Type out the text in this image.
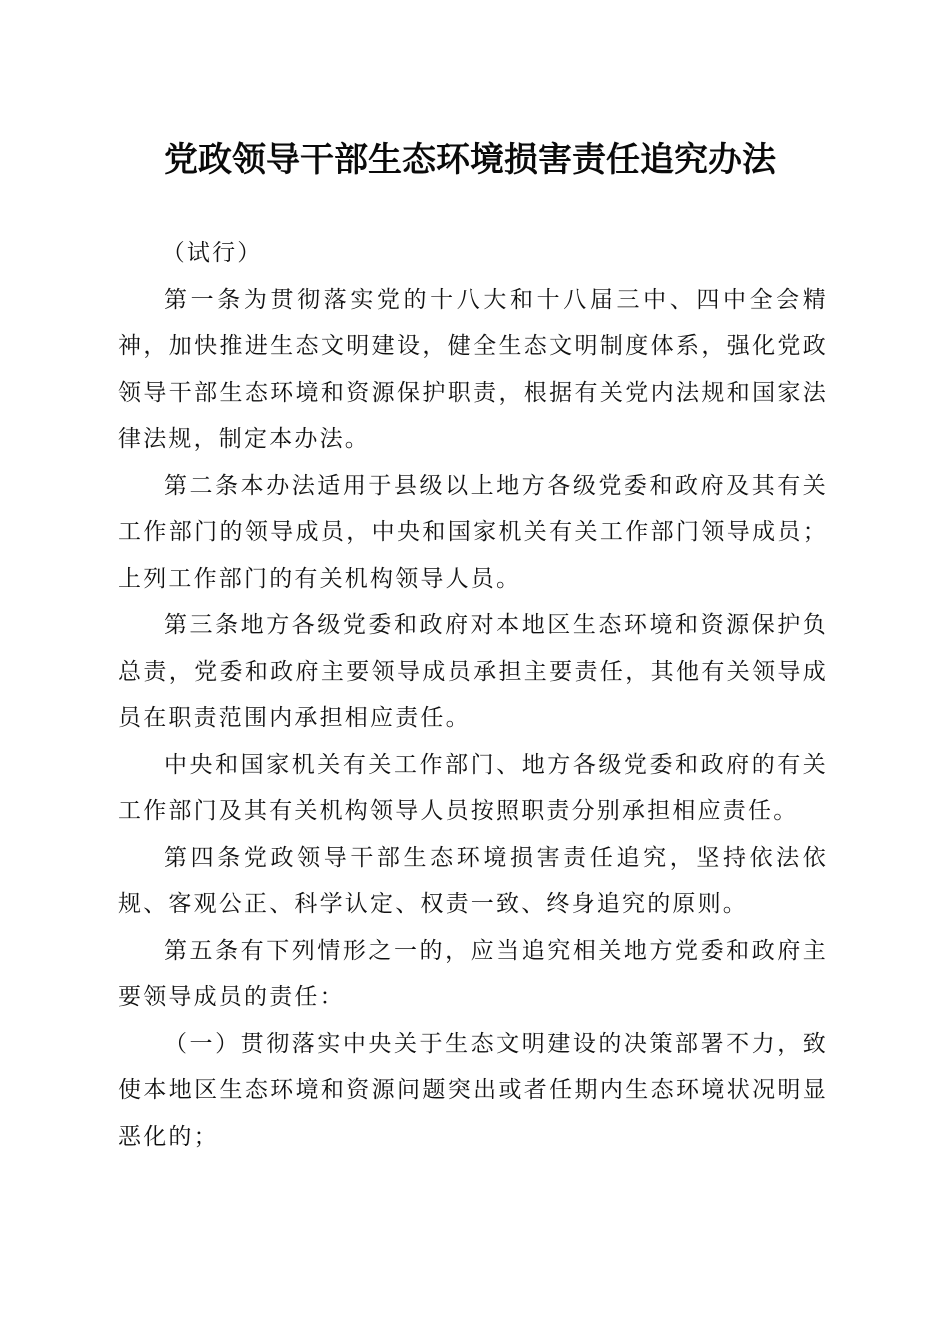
党政领导干部生态环境损害责任追究办法

（试行）

第一条为贯彻落实党的十八大和十八届三中、四中全会精神，加快推进生态文明建设，健全生态文明制度体系，强化党政领导干部生态环境和资源保护职责，根据有关党内法规和国家法律法规，制定本办法。

第二条本办法适用于县级以上地方各级党委和政府及其有关工作部门的领导成员，中央和国家机关有关工作部门领导成员；上列工作部门的有关机构领导人员。

第三条地方各级党委和政府对本地区生态环境和资源保护负总责，党委和政府主要领导成员承担主要责任，其他有关领导成员在职责范围内承担相应责任。

中央和国家机关有关工作部门、地方各级党委和政府的有关工作部门及其有关机构领导人员按照职责分别承担相应责任。

第四条党政领导干部生态环境损害责任追究，坚持依法依规、客观公正、科学认定、权责一致、终身追究的原则。

第五条有下列情形之一的，应当追究相关地方党委和政府主要领导成员的责任：

（一）贯彻落实中央关于生态文明建设的决策部署不力，致使本地区生态环境和资源问题突出或者任期内生态环境状况明显恶化的；
